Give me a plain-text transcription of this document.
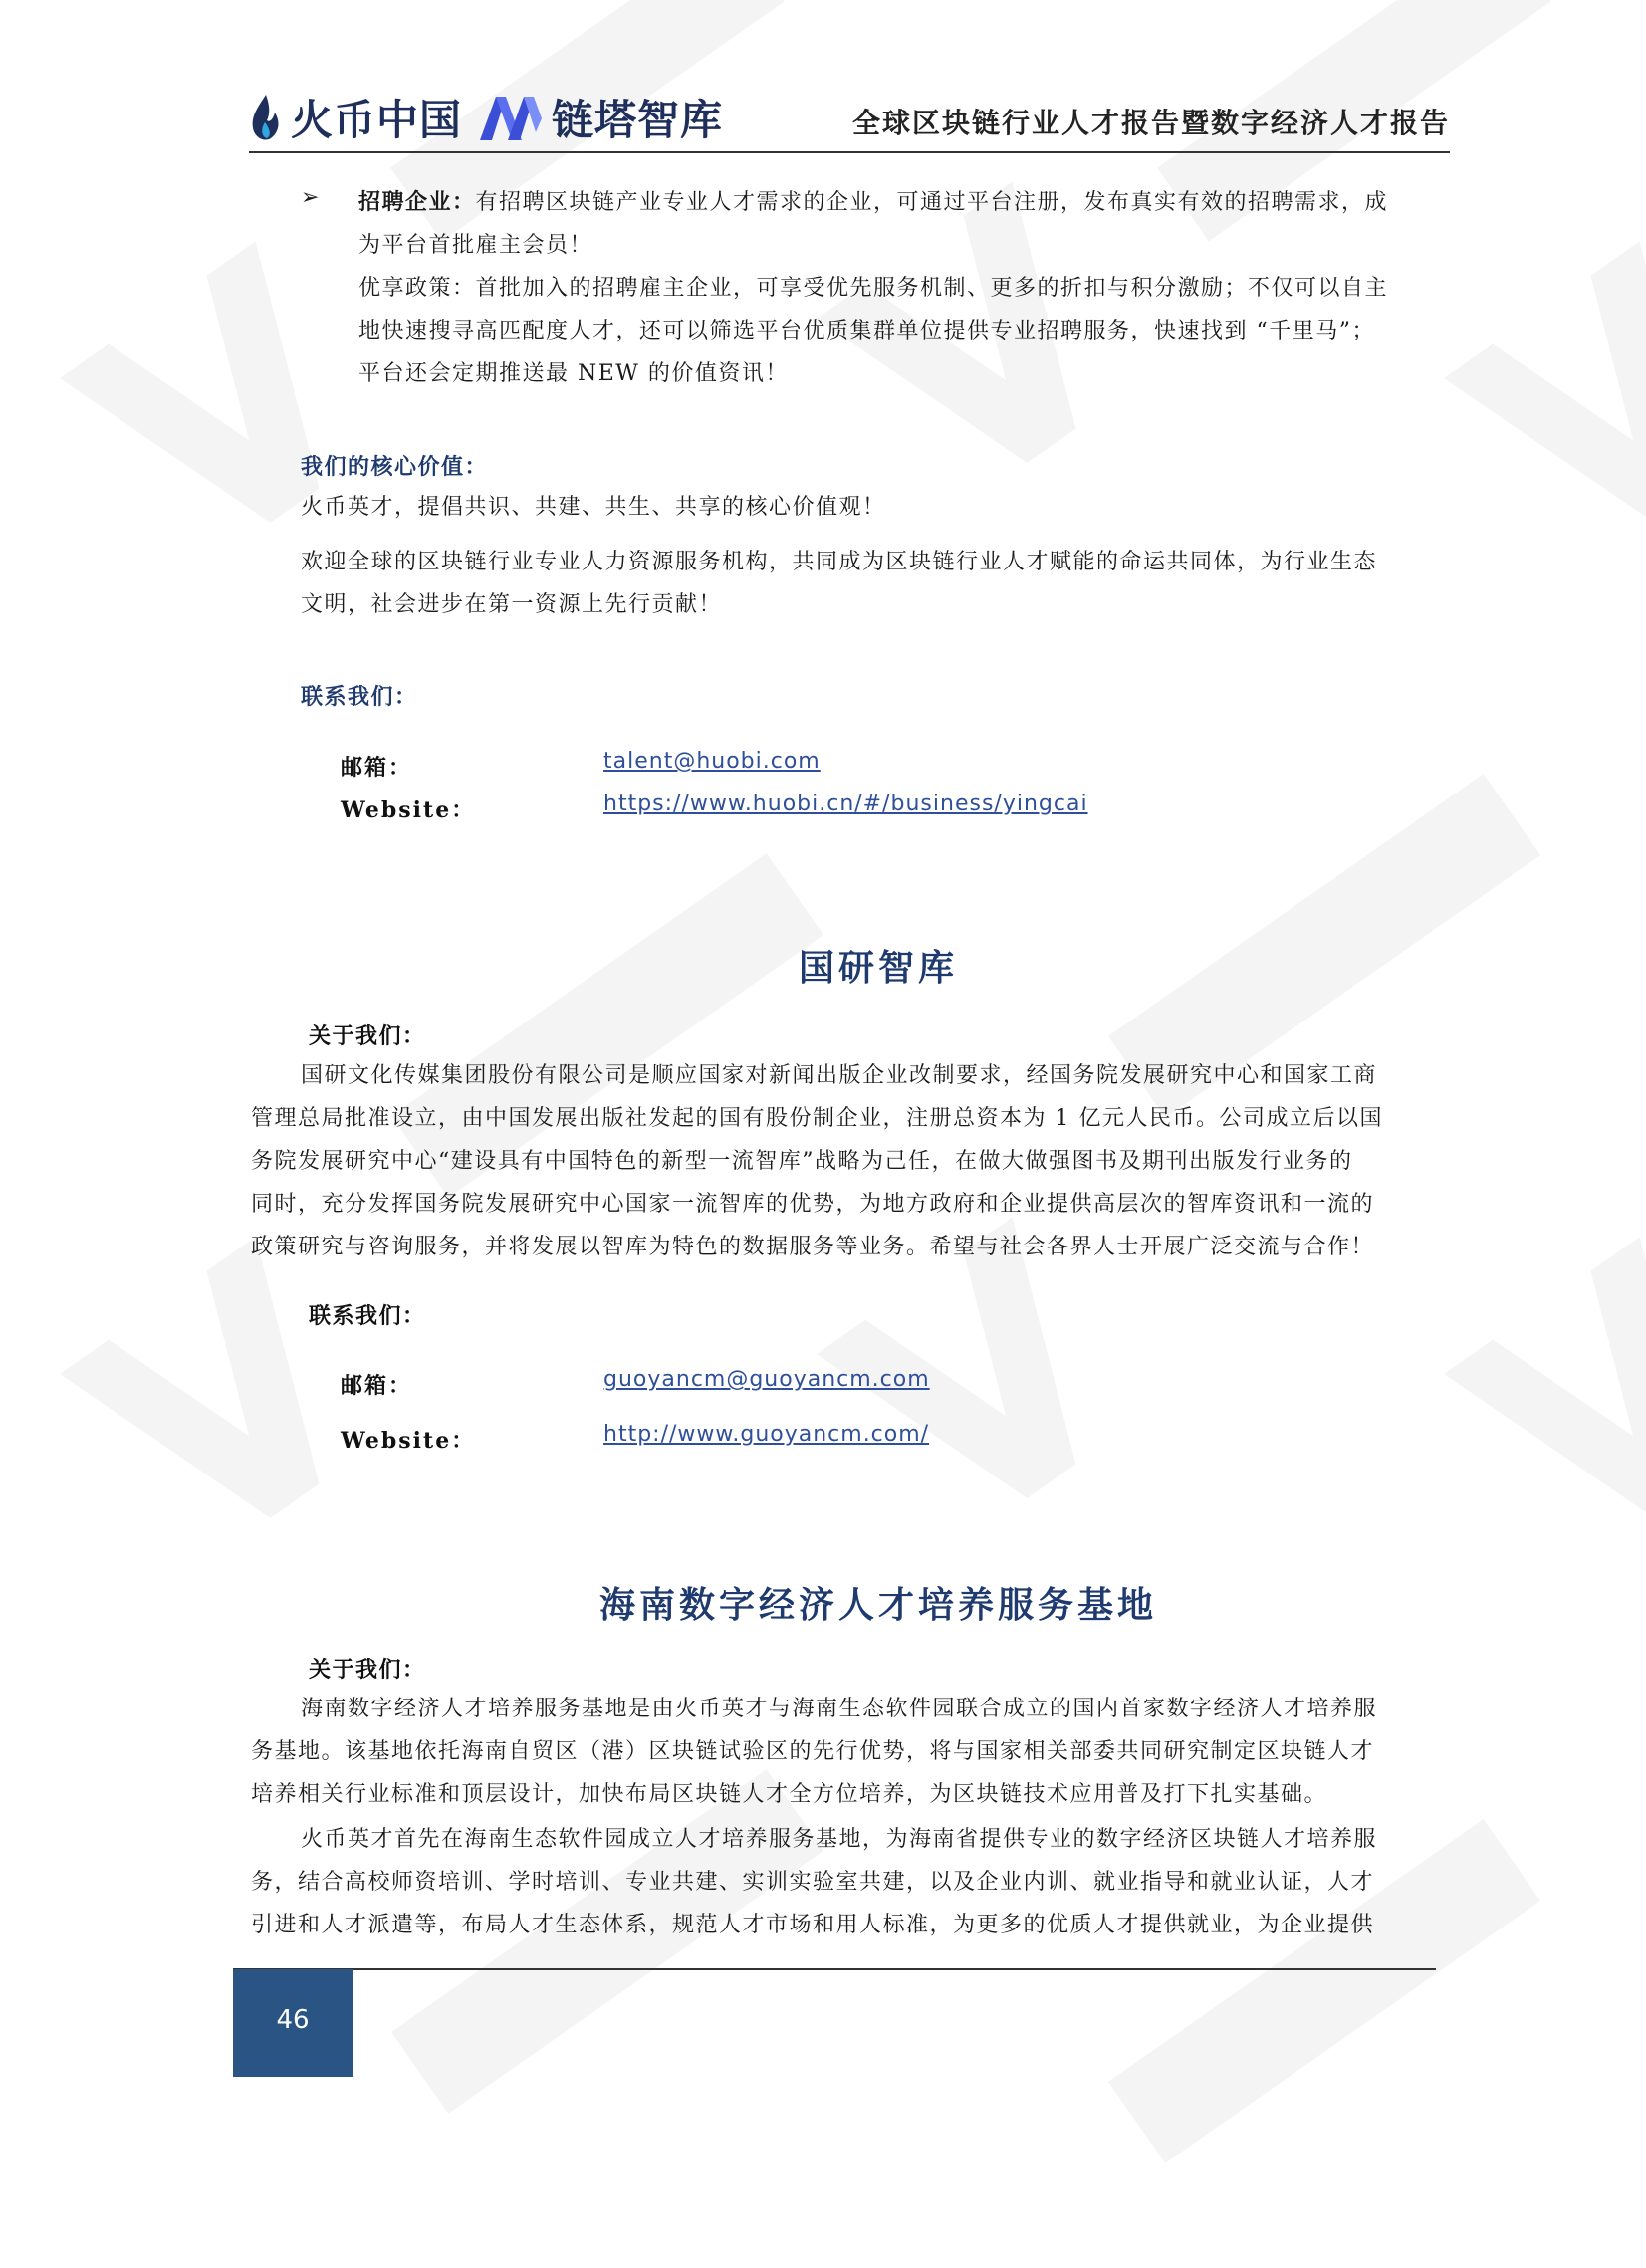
火币中国 链塔智库	全球区块链行业人才报告暨数字经济人才报告
➢ 招聘企业：有招聘区块链产业专业人才需求的企业，可通过平台注册，发布真实有效的招聘需求，成
为平台首批雇主会员！
优享政策：首批加入的招聘雇主企业，可享受优先服务机制、更多的折扣与积分激励；不仅可以自主
地快速搜寻高匹配度人才，还可以筛选平台优质集群单位提供专业招聘服务，快速找到 “千里马”；
平台还会定期推送最 NEW 的价值资讯！
我们的核心价值：
火币英才，提倡共识、共建、共生、共享的核心价值观！
欢迎全球的区块链行业专业人力资源服务机构，共同成为区块链行业人才赋能的命运共同体，为行业生态
文明，社会进步在第一资源上先行贡献！
联系我们：
邮箱：	talent@huobi.com
Website：	https://www.huobi.cn/#/business/yingcai
国研智库
关于我们：
国研文化传媒集团股份有限公司是顺应国家对新闻出版企业改制要求，经国务院发展研究中心和国家工商
管理总局批准设立，由中国发展出版社发起的国有股份制企业，注册总资本为 1 亿元人民币。公司成立后以国
务院发展研究中心“建设具有中国特色的新型一流智库”战略为己任，在做大做强图书及期刊出版发行业务的
同时，充分发挥国务院发展研究中心国家一流智库的优势，为地方政府和企业提供高层次的智库资讯和一流的
政策研究与咨询服务，并将发展以智库为特色的数据服务等业务。希望与社会各界人士开展广泛交流与合作！
联系我们：
邮箱：	guoyancm@guoyancm.com
Website：	http://www.guoyancm.com/
海南数字经济人才培养服务基地
关于我们：
海南数字经济人才培养服务基地是由火币英才与海南生态软件园联合成立的国内首家数字经济人才培养服
务基地。该基地依托海南自贸区（港）区块链试验区的先行优势，将与国家相关部委共同研究制定区块链人才
培养相关行业标准和顶层设计，加快布局区块链人才全方位培养，为区块链技术应用普及打下扎实基础。
火币英才首先在海南生态软件园成立人才培养服务基地，为海南省提供专业的数字经济区块链人才培养服
务，结合高校师资培训、学时培训、专业共建、实训实验室共建，以及企业内训、就业指导和就业认证，人才
引进和人才派遣等，布局人才生态体系，规范人才市场和用人标准，为更多的优质人才提供就业，为企业提供
46
